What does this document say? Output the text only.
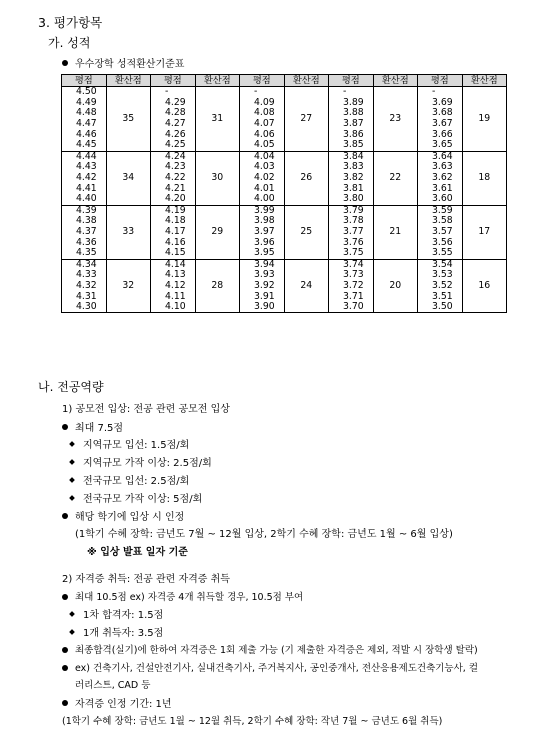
3. 평가항목
가. 성적
우수장학 성적환산기준표
평점	환산점	평점	환산점	평점	환산점	평점	환산점	평점	환산점
4.50	35	-	31	-	27	-	23	-	19
4.49		4.29		4.09		3.89		3.69	
4.48		4.28		4.08		3.88		3.68	
4.47		4.27		4.07		3.87		3.67	
4.46		4.26		4.06		3.86		3.66	
4.45		4.25		4.05		3.85		3.65	
4.44	34	4.24	30	4.04	26	3.84	22	3.64	18
4.43		4.23		4.03		3.83		3.63	
4.42		4.22		4.02		3.82		3.62	
4.41		4.21		4.01		3.81		3.61	
4.40		4.20		4.00		3.80		3.60	
4.39	33	4.19	29	3.99	25	3.79	21	3.59	17
4.38		4.18		3.98		3.78		3.58	
4.37		4.17		3.97		3.77		3.57	
4.36		4.16		3.96		3.76		3.56	
4.35		4.15		3.95		3.75		3.55	
4.34	32	4.14	28	3.94	24	3.74	20	3.54	16
4.33		4.13		3.93		3.73		3.53	
4.32		4.12		3.92		3.72		3.52	
4.31		4.11		3.91		3.71		3.51	
4.30		4.10		3.90		3.70		3.50	
나. 전공역량
1) 공모전 입상: 전공 관련 공모전 입상
최대 7.5점
지역규모 입선: 1.5점/회
지역규모 가작 이상: 2.5점/회
전국규모 입선: 2.5점/회
전국규모 가작 이상: 5점/회
해당 학기에 입상 시 인정
(1학기 수혜 장학: 금년도 7월 ~ 12월 입상, 2학기 수혜 장학: 금년도 1월 ~ 6월 입상)
※ 입상 발표 일자 기준
2) 자격증 취득: 전공 관련 자격증 취득
최대 10.5점 ex) 자격증 4개 취득할 경우, 10.5점 부여
1차 합격자: 1.5점
1개 취득자: 3.5점
최종합격(실기)에 한하여 자격증은 1회 제출 가능 (기 제출한 자격증은 제외, 적발 시 장학생 탈락)
ex) 건축기사, 건설안전기사, 실내건축기사, 주거복지사, 공인중개사, 전산응용제도건축기능사, 컬
러리스트, CAD 등
자격증 인정 기간: 1년
(1학기 수혜 장학: 금년도 1월 ~ 12월 취득, 2학기 수혜 장학: 작년 7월 ~ 금년도 6월 취득)
